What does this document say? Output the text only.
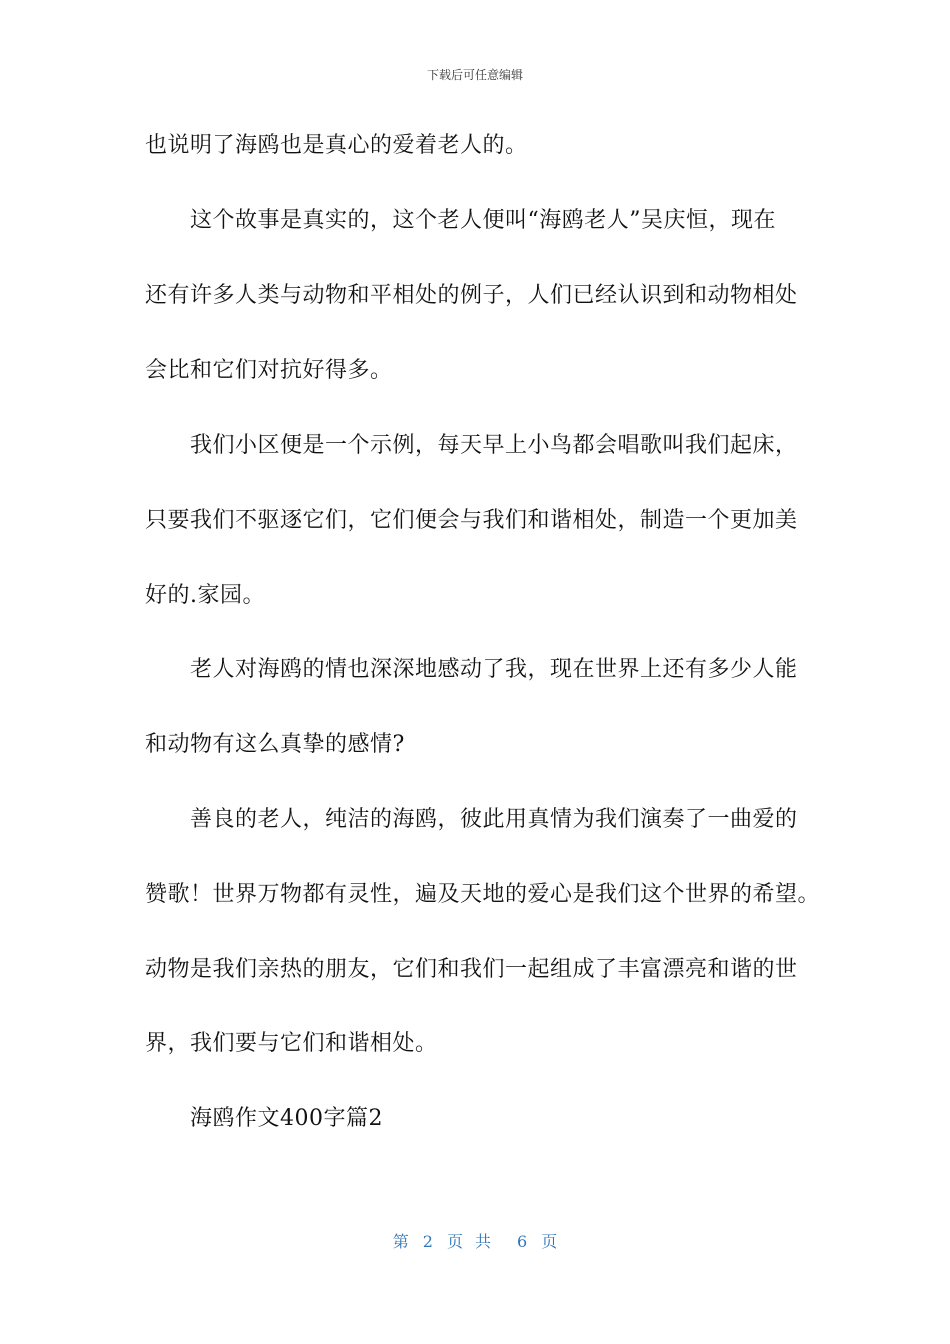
下载后可任意编辑
也说明了海鸥也是真心的爱着老人的。
这个故事是真实的，这个老人便叫“海鸥老人”吴庆恒，现在
还有许多人类与动物和平相处的例子，人们已经认识到和动物相处
会比和它们对抗好得多。
我们小区便是一个示例，每天早上小鸟都会唱歌叫我们起床，
只要我们不驱逐它们，它们便会与我们和谐相处，制造一个更加美
好的.家园。
老人对海鸥的情也深深地感动了我，现在世界上还有多少人能
和动物有这么真挚的感情?
善良的老人，纯洁的海鸥，彼此用真情为我们演奏了一曲爱的
赞歌！世界万物都有灵性，遍及天地的爱心是我们这个世界的希望。
动物是我们亲热的朋友，它们和我们一起组成了丰富漂亮和谐的世
界，我们要与它们和谐相处。
海鸥作文400字篇2
第 2 页共 6 页
